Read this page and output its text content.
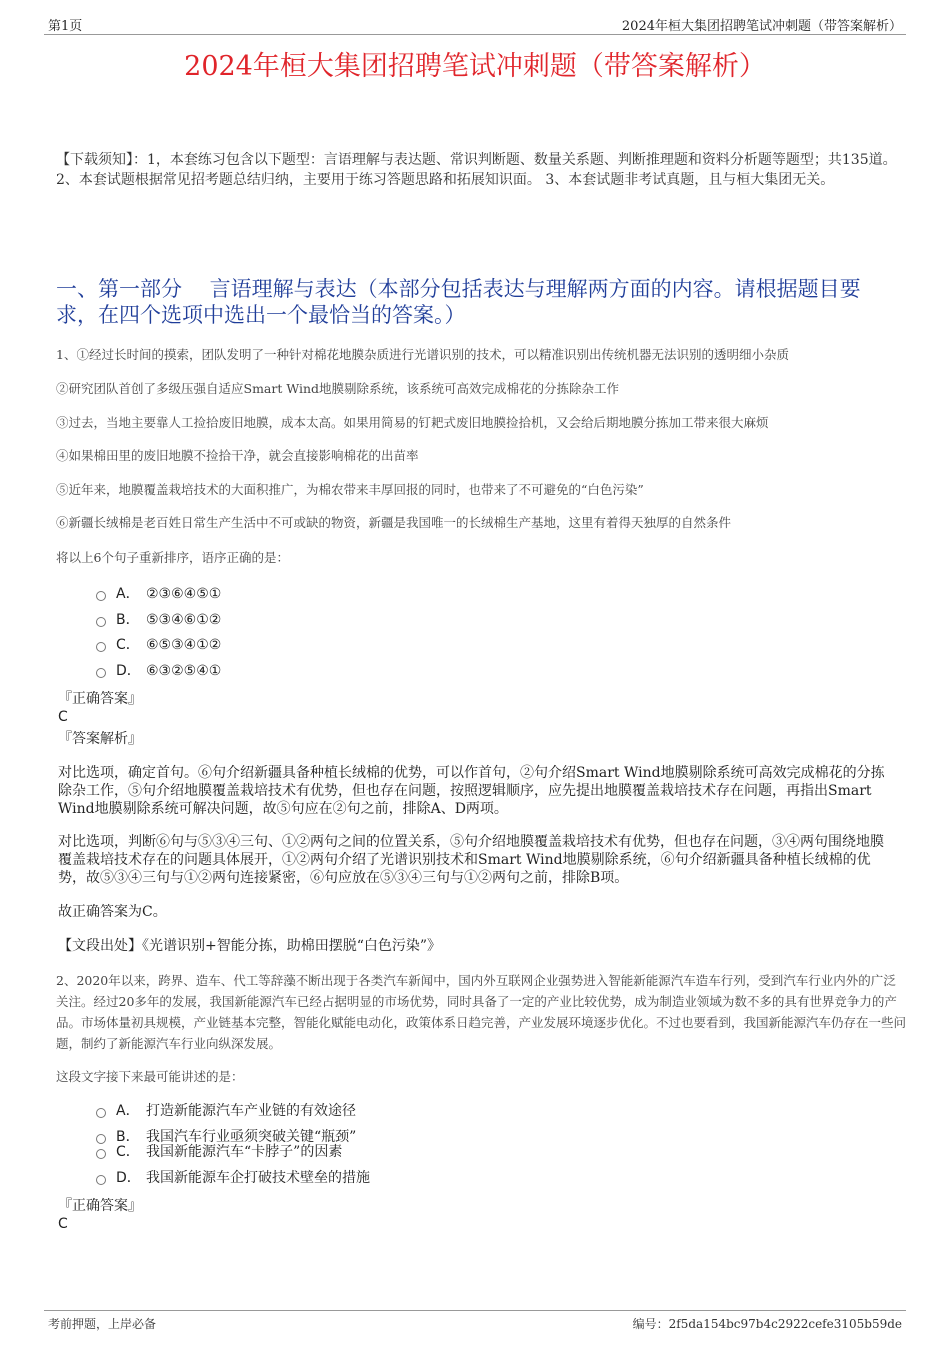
第1页	2024年桓大集团招聘笔试冲刺题（带答案解析）
2024年桓大集团招聘笔试冲刺题（带答案解析）
【下载须知】：1，本套练习包含以下题型：言语理解与表达题、常识判断题、数量关系题、判断推理题和资料分析题等题型；共135道。 2、本套试题根据常见招考题总结归纳，主要用于练习答题思路和拓展知识面。 3、本套试题非考试真题，且与桓大集团无关。
一、第一部分　 言语理解与表达（本部分包括表达与理解两方面的内容。请根据题目要求，在四个选项中选出一个最恰当的答案。）
1、①经过长时间的摸索，团队发明了一种针对棉花地膜杂质进行光谱识别的技术，可以精准识别出传统机器无法识别的透明细小杂质
②研究团队首创了多级压强自适应Smart Wind地膜剔除系统，该系统可高效完成棉花的分拣除杂工作
③过去，当地主要靠人工捡拾废旧地膜，成本太高。如果用简易的钉耙式废旧地膜捡拾机，又会给后期地膜分拣加工带来很大麻烦
④如果棉田里的废旧地膜不捡拾干净，就会直接影响棉花的出苗率
⑤近年来，地膜覆盖栽培技术的大面积推广，为棉农带来丰厚回报的同时，也带来了不可避免的“白色污染”
⑥新疆长绒棉是老百姓日常生产生活中不可或缺的物资，新疆是我国唯一的长绒棉生产基地，这里有着得天独厚的自然条件
将以上6个句子重新排序，语序正确的是：
A． ②③⑥④⑤①
B． ⑤③④⑥①②
C． ⑥⑤③④①②
D． ⑥③②⑤④①
『正确答案』
C
『答案解析』
对比选项，确定首句。⑥句介绍新疆具备种植长绒棉的优势，可以作首句，②句介绍Smart Wind地膜剔除系统可高效完成棉花的分拣除杂工作，⑤句介绍地膜覆盖栽培技术有优势，但也存在问题，按照逻辑顺序，应先提出地膜覆盖栽培技术存在问题，再指出Smart Wind地膜剔除系统可解决问题，故⑤句应在②句之前，排除A、D两项。
对比选项，判断⑥句与⑤③④三句、①②两句之间的位置关系，⑤句介绍地膜覆盖栽培技术有优势，但也存在问题，③④两句围绕地膜覆盖栽培技术存在的问题具体展开，①②两句介绍了光谱识别技术和Smart Wind地膜剔除系统，⑥句介绍新疆具备种植长绒棉的优势，故⑤③④三句与①②两句连接紧密，⑥句应放在⑤③④三句与①②两句之前，排除B项。
故正确答案为C。
【文段出处】《光谱识别+智能分拣，助棉田摆脱“白色污染”》
2、2020年以来，跨界、造车、代工等辞藻不断出现于各类汽车新闻中，国内外互联网企业强势进入智能新能源汽车造车行列，受到汽车行业内外的广泛关注。经过20多年的发展，我国新能源汽车已经占据明显的市场优势，同时具备了一定的产业比较优势，成为制造业领域为数不多的具有世界竞争力的产品。市场体量初具规模，产业链基本完整，智能化赋能电动化，政策体系日趋完善，产业发展环境逐步优化。不过也要看到，我国新能源汽车仍存在一些问题，制约了新能源汽车行业向纵深发展。
这段文字接下来最可能讲述的是：
A． 打造新能源汽车产业链的有效途径
B． 我国汽车行业亟须突破关键“瓶颈”
C． 我国新能源汽车“卡脖子”的因素
D． 我国新能源车企打破技术壁垒的措施
『正确答案』
C
考前押题，上岸必备	编号：2f5da154bc97b4c2922cefe3105b59de
